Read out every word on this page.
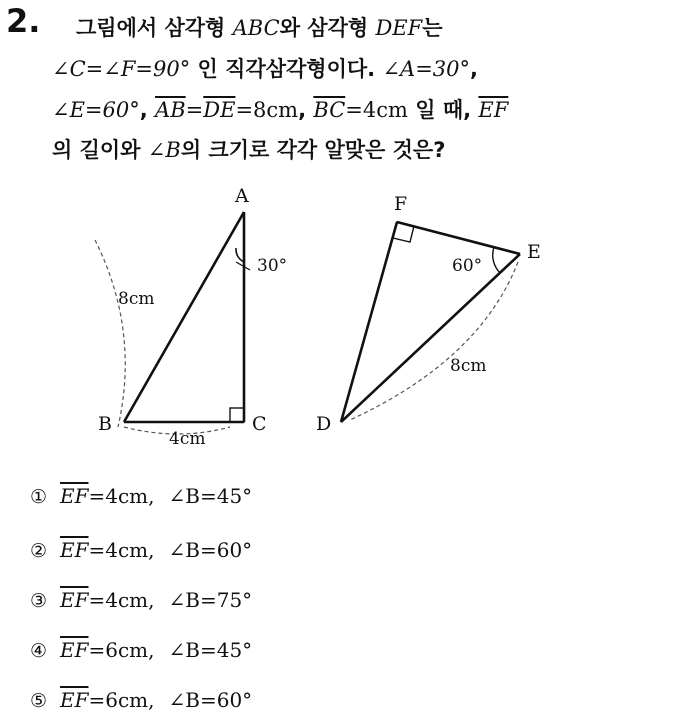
2. 그림에서 삼각형 ABC와 삼각형 DEF는
∠C=∠F=90° 인 직각삼각형이다. ∠A=30°,
∠E=60°, $\overline{AB}=\overline{DE}=8cm$, $\overline{BC}=4cm$ 일 때, $\overline{EF}$
의 길이와 ∠B의 크기로 각각 알맞은 것은?
A
B	C
30°
8cm
4cm
F
E
D
60°
8cm
① $\overline{EF}=4cm$, ∠B=45°
② $\overline{EF}=4cm$, ∠B=60°
③ $\overline{EF}=4cm$, ∠B=75°
④ $\overline{EF}=6cm$, ∠B=45°
⑤ $\overline{EF}=6cm$, ∠B=60°
